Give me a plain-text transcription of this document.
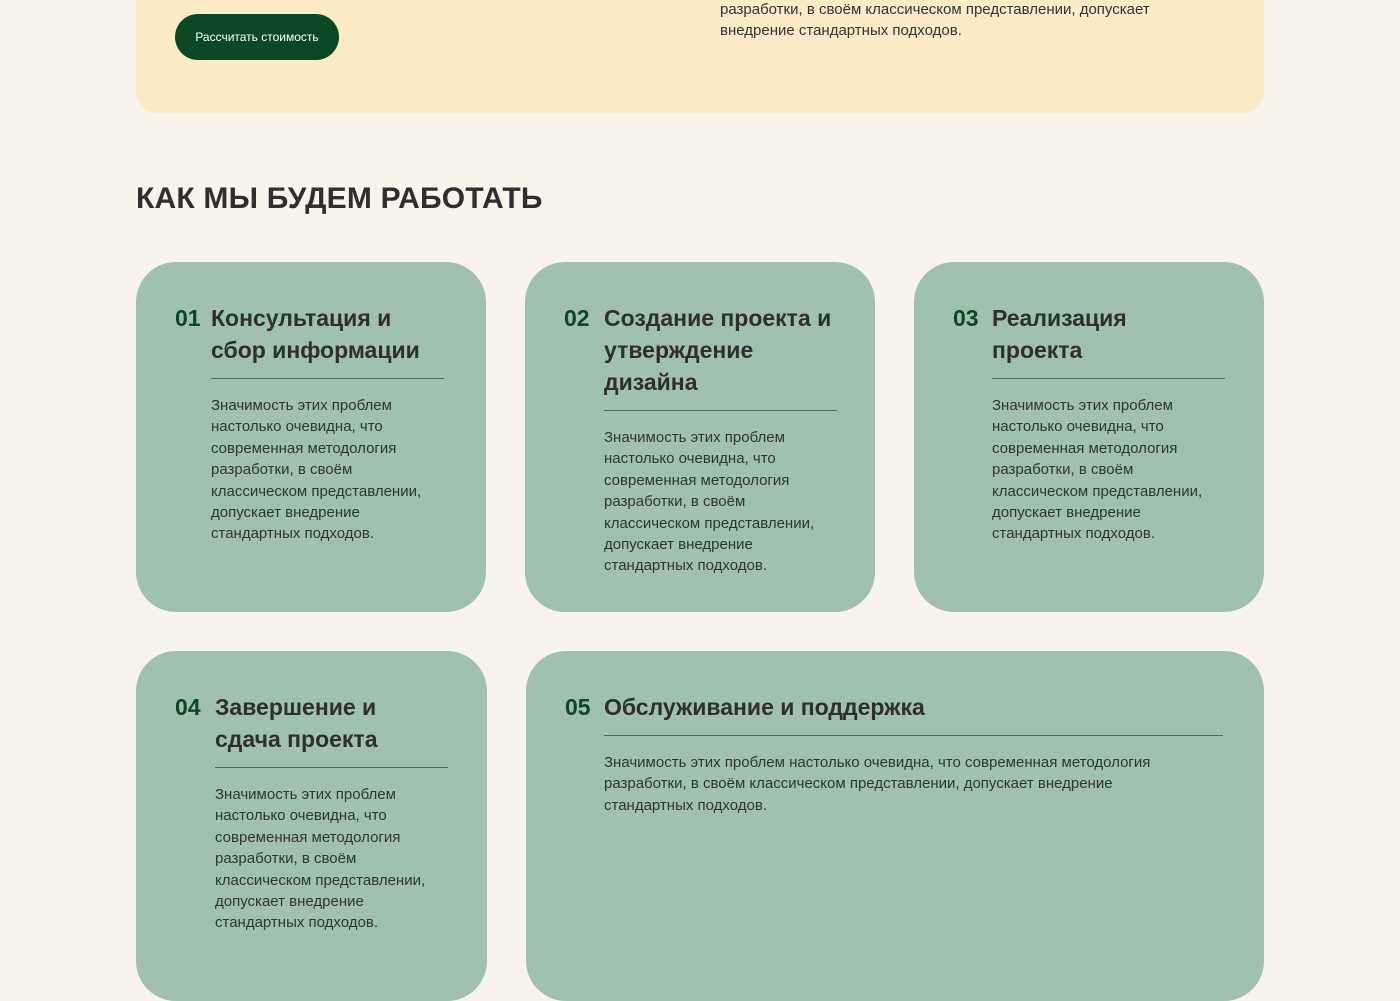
Рассчитать стоимость
разработки, в своём классическом представлении, допускает внедрение стандартных подходов.
КАК МЫ БУДЕМ РАБОТАТЬ
01 Консультация и сбор информации

Значимость этих проблем настолько очевидна, что современная методология разработки, в своём классическом представлении, допускает внедрение стандартных подходов.

02 Создание проекта и утверждение дизайна

Значимость этих проблем настолько очевидна, что современная методология разработки, в своём классическом представлении, допускает внедрение стандартных подходов.

03 Реализация проекта

Значимость этих проблем настолько очевидна, что современная методология разработки, в своём классическом представлении, допускает внедрение стандартных подходов.

04 Завершение и сдача проекта

Значимость этих проблем настолько очевидна, что современная методология разработки, в своём классическом представлении, допускает внедрение стандартных подходов.

05 Обслуживание и поддержка

Значимость этих проблем настолько очевидна, что современная методология разработки, в своём классическом представлении, допускает внедрение стандартных подходов.
